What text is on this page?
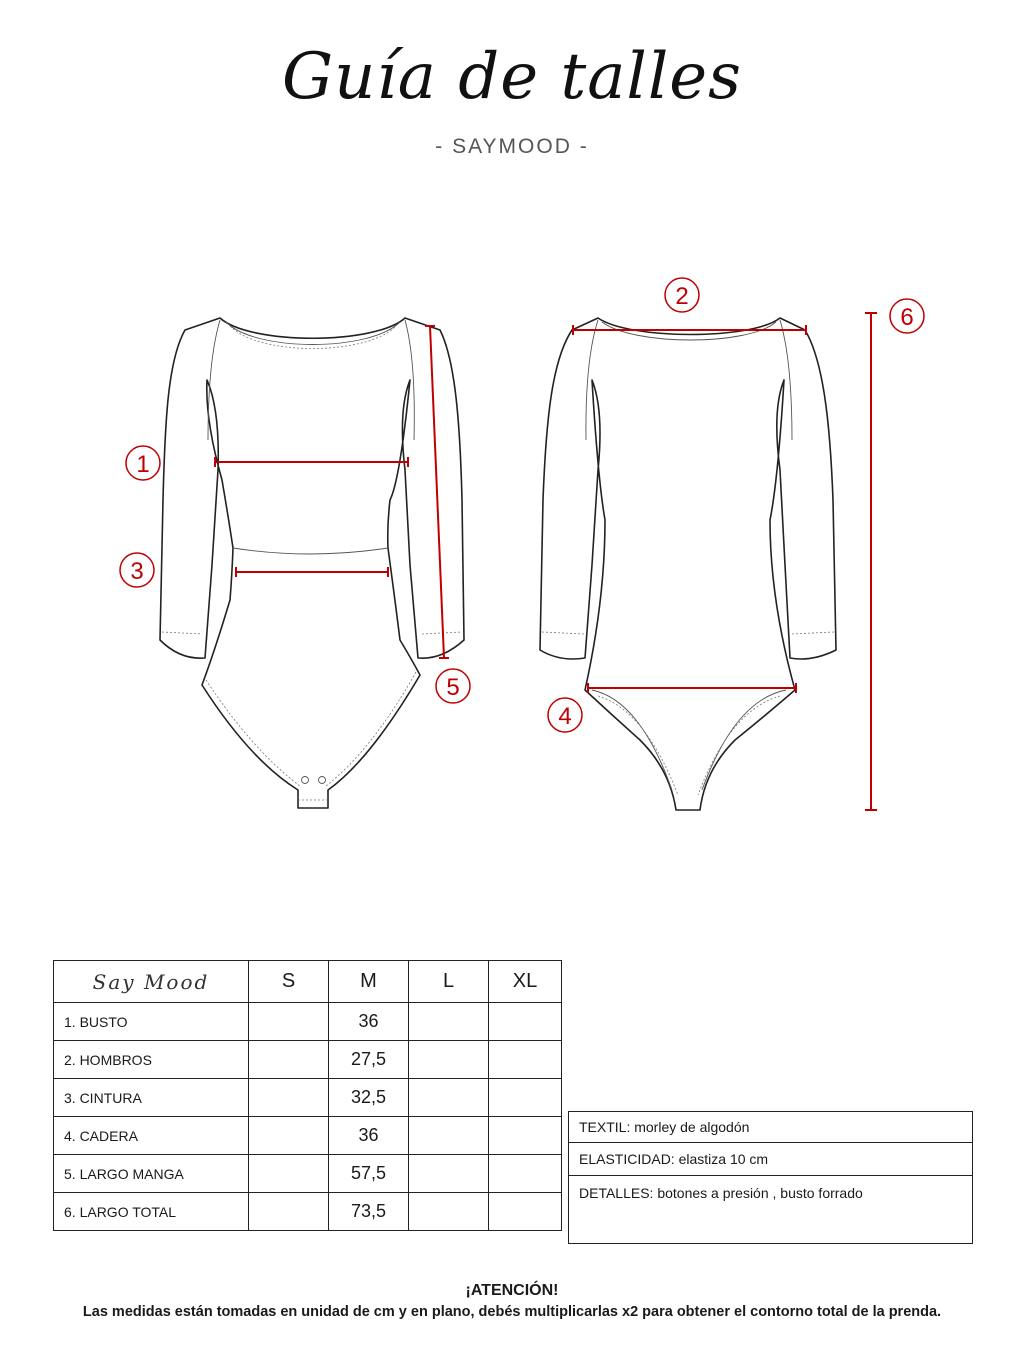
Guía de talles
- SAYMOOD -
1
3
5
2
4
6
Say Mood	S	M	L	XL
1. BUSTO		36		
2. HOMBROS		27,5		
3. CINTURA		32,5		
4. CADERA		36		
5. LARGO MANGA		57,5		
6. LARGO TOTAL		73,5		
TEXTIL: morley de algodón
ELASTICIDAD: elastiza 10 cm
DETALLES: botones a presión , busto forrado
¡ATENCIÓN!
Las medidas están tomadas en unidad de cm y en plano, debés multiplicarlas x2 para obtener el contorno total de la prenda.
